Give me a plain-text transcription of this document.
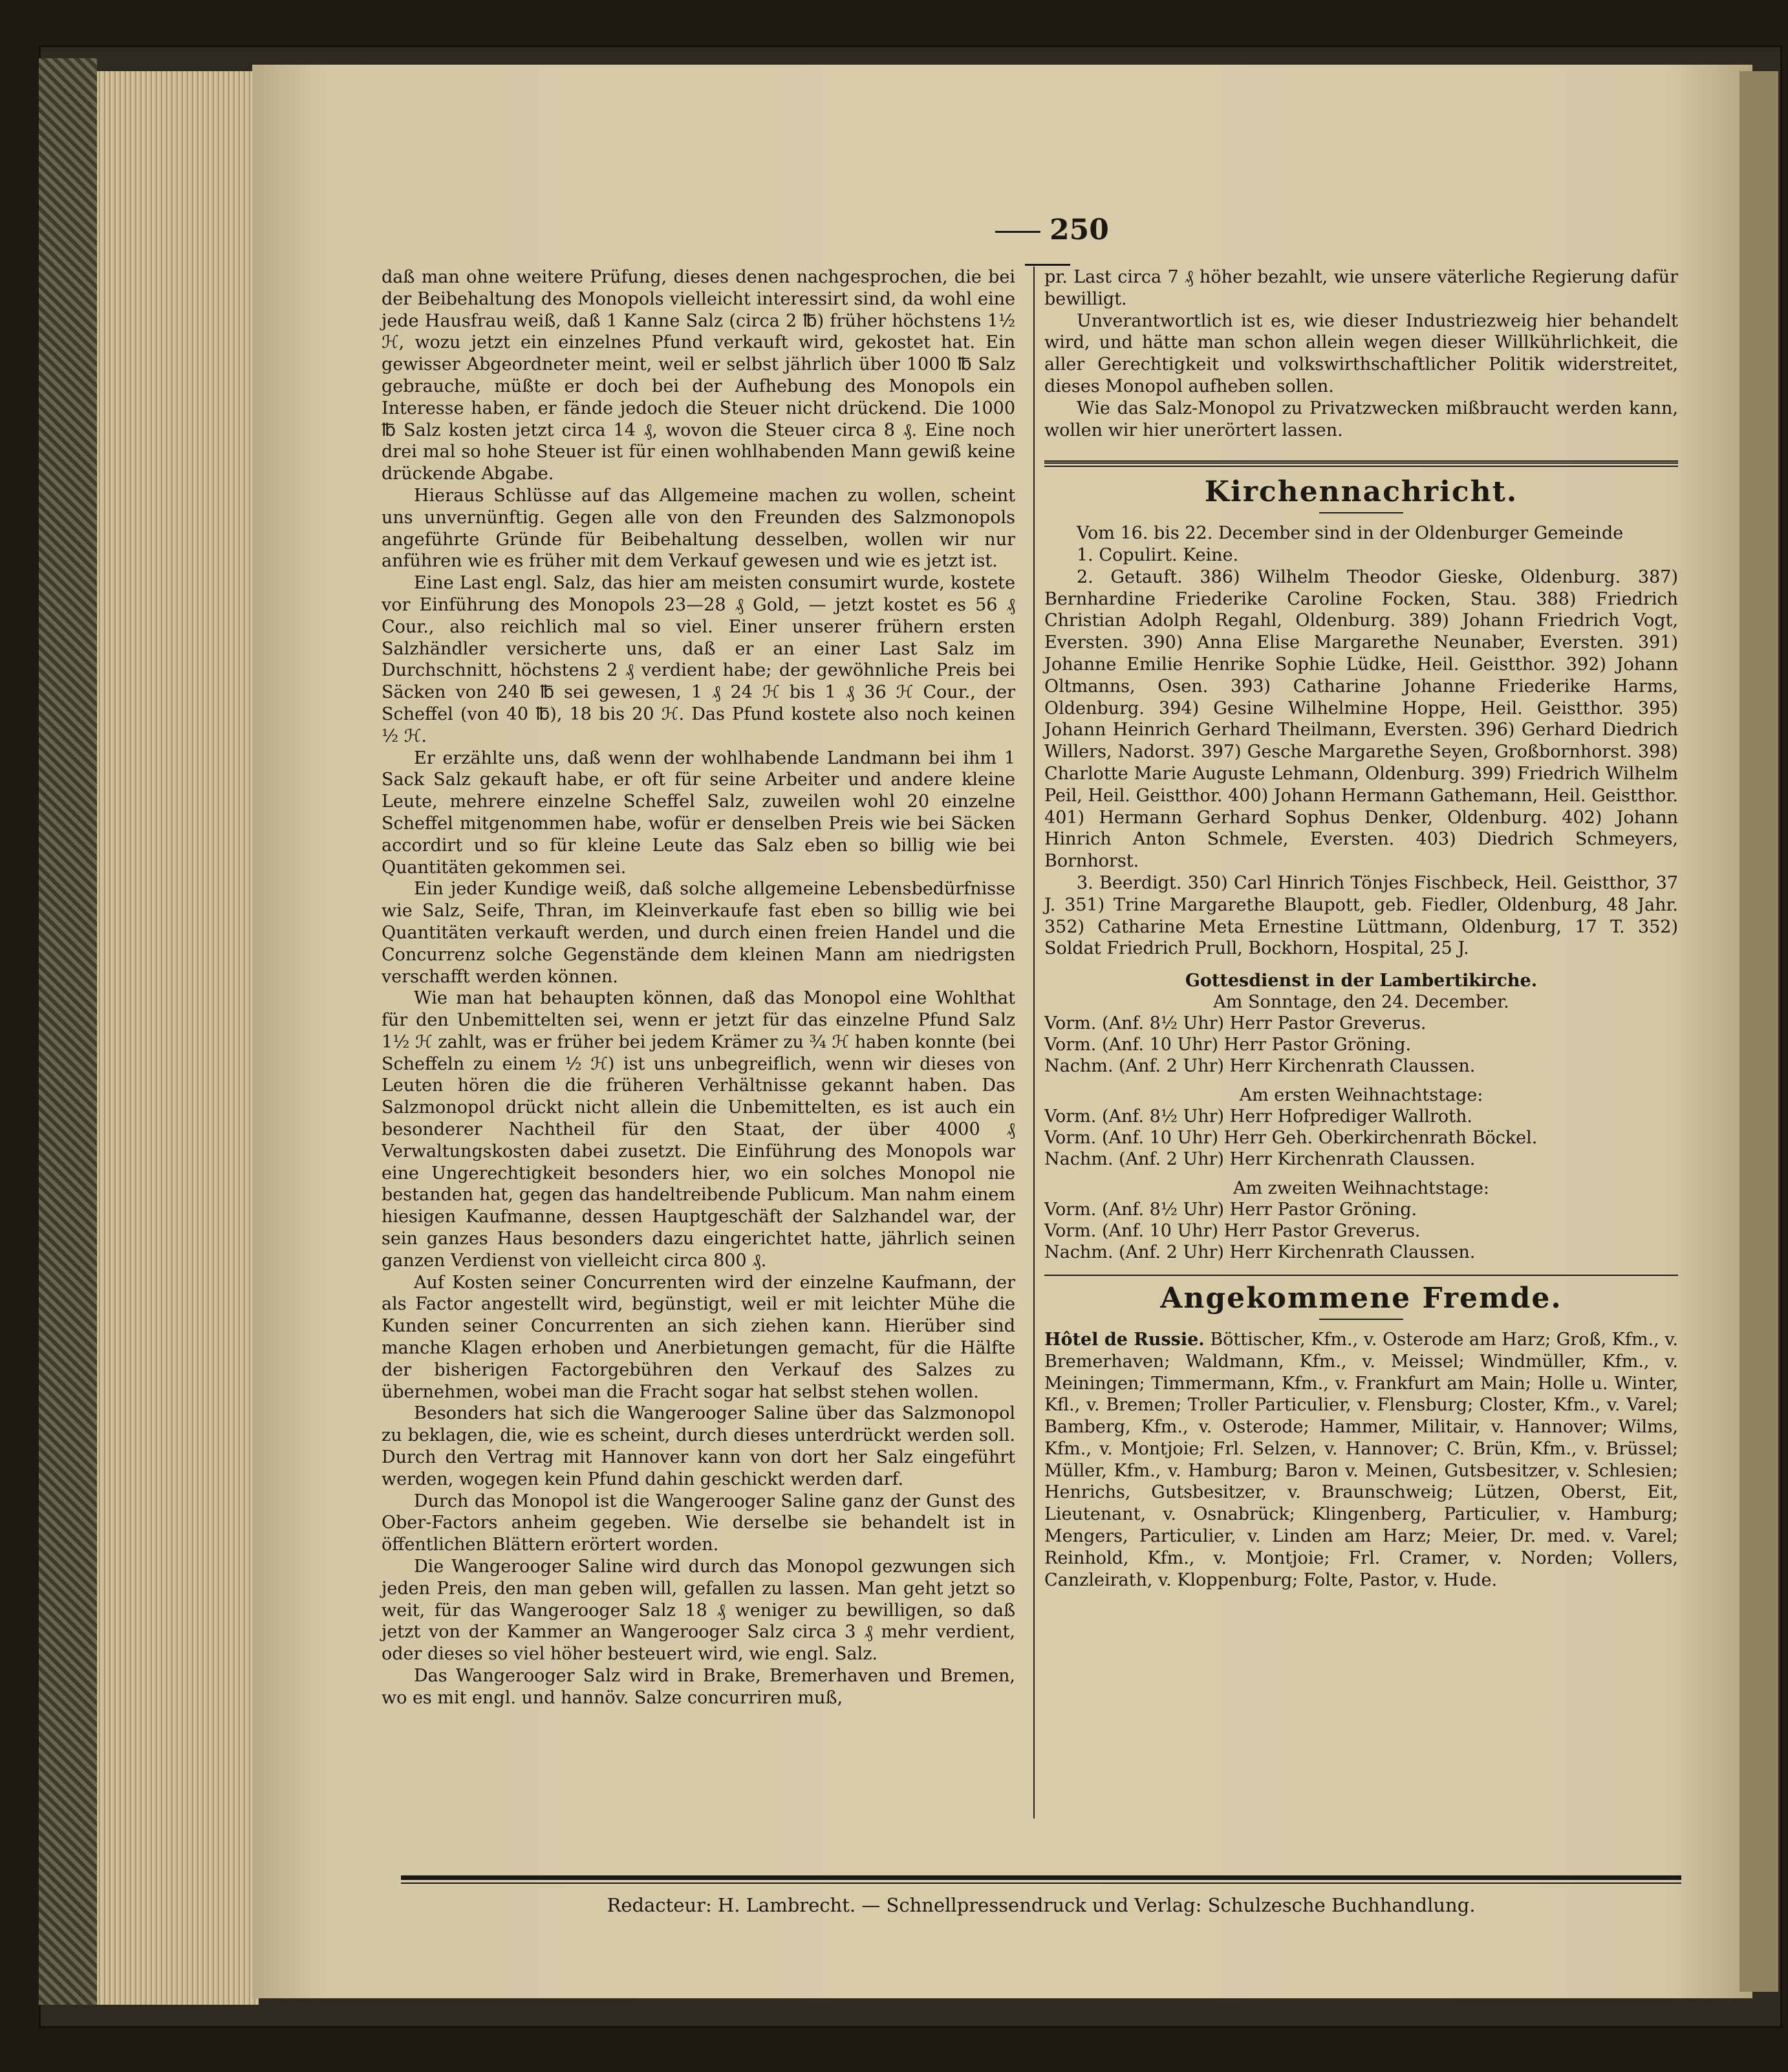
250

daß man ohne weitere Prüfung, dieses denen nachgesprochen, die bei der Beibehaltung des Monopols vielleicht interessirt sind, da wohl eine jede Hausfrau weiß, daß 1 Kanne Salz (circa 2 ℔) früher höchstens 1½ ℋ, wozu jetzt ein einzelnes Pfund verkauft wird, gekostet hat. Ein gewisser Abgeordneter meint, weil er selbst jährlich über 1000 ℔ Salz gebrauche, müßte er doch bei der Aufhebung des Monopols ein Interesse haben, er fände jedoch die Steuer nicht drückend. Die 1000 ℔ Salz kosten jetzt circa 14 ₰, wovon die Steuer circa 8 ₰. Eine noch drei mal so hohe Steuer ist für einen wohlhabenden Mann gewiß keine drückende Abgabe.

Hieraus Schlüsse auf das Allgemeine machen zu wollen, scheint uns unvernünftig. Gegen alle von den Freunden des Salzmonopols angeführte Gründe für Beibehaltung desselben, wollen wir nur anführen wie es früher mit dem Verkauf gewesen und wie es jetzt ist.

Eine Last engl. Salz, das hier am meisten consumirt wurde, kostete vor Einführung des Monopols 23—28 ₰ Gold, — jetzt kostet es 56 ₰ Cour., also reichlich mal so viel. Einer unserer frühern ersten Salzhändler versicherte uns, daß er an einer Last Salz im Durchschnitt, höchstens 2 ₰ verdient habe; der gewöhnliche Preis bei Säcken von 240 ℔ sei gewesen, 1 ₰ 24 ℋ bis 1 ₰ 36 ℋ Cour., der Scheffel (von 40 ℔), 18 bis 20 ℋ. Das Pfund kostete also noch keinen ½ ℋ.

Er erzählte uns, daß wenn der wohlhabende Landmann bei ihm 1 Sack Salz gekauft habe, er oft für seine Arbeiter und andere kleine Leute, mehrere einzelne Scheffel Salz, zuweilen wohl 20 einzelne Scheffel mitgenommen habe, wofür er denselben Preis wie bei Säcken accordirt und so für kleine Leute das Salz eben so billig wie bei Quantitäten gekommen sei.

Ein jeder Kundige weiß, daß solche allgemeine Lebensbedürfnisse wie Salz, Seife, Thran, im Kleinverkaufe fast eben so billig wie bei Quantitäten verkauft werden, und durch einen freien Handel und die Concurrenz solche Gegenstände dem kleinen Mann am niedrigsten verschafft werden können.

Wie man hat behaupten können, daß das Monopol eine Wohlthat für den Unbemittelten sei, wenn er jetzt für das einzelne Pfund Salz 1½ ℋ zahlt, was er früher bei jedem Krämer zu ¾ ℋ haben konnte (bei Scheffeln zu einem ½ ℋ) ist uns unbegreiflich, wenn wir dieses von Leuten hören die die früheren Verhältnisse gekannt haben. Das Salzmonopol drückt nicht allein die Unbemittelten, es ist auch ein besonderer Nachtheil für den Staat, der über 4000 ₰ Verwaltungskosten dabei zusetzt. Die Einführung des Monopols war eine Ungerechtigkeit besonders hier, wo ein solches Monopol nie bestanden hat, gegen das handeltreibende Publicum. Man nahm einem hiesigen Kaufmanne, dessen Hauptgeschäft der Salzhandel war, der sein ganzes Haus besonders dazu eingerichtet hatte, jährlich seinen ganzen Verdienst von vielleicht circa 800 ₰.

Auf Kosten seiner Concurrenten wird der einzelne Kaufmann, der als Factor angestellt wird, begünstigt, weil er mit leichter Mühe die Kunden seiner Concurrenten an sich ziehen kann. Hierüber sind manche Klagen erhoben und Anerbietungen gemacht, für die Hälfte der bisherigen Factorgebühren den Verkauf des Salzes zu übernehmen, wobei man die Fracht sogar hat selbst stehen wollen.

Besonders hat sich die Wangerooger Saline über das Salzmonopol zu beklagen, die, wie es scheint, durch dieses unterdrückt werden soll. Durch den Vertrag mit Hannover kann von dort her Salz eingeführt werden, wogegen kein Pfund dahin geschickt werden darf.

Durch das Monopol ist die Wangerooger Saline ganz der Gunst des Ober-Factors anheim gegeben. Wie derselbe sie behandelt ist in öffentlichen Blättern erörtert worden.

Die Wangerooger Saline wird durch das Monopol gezwungen sich jeden Preis, den man geben will, gefallen zu lassen. Man geht jetzt so weit, für das Wangerooger Salz 18 ₰ weniger zu bewilligen, so daß jetzt von der Kammer an Wangerooger Salz circa 3 ₰ mehr verdient, oder dieses so viel höher besteuert wird, wie engl. Salz.

Das Wangerooger Salz wird in Brake, Bremerhaven und Bremen, wo es mit engl. und hannöv. Salze concurriren muß,

pr. Last circa 7 ₰ höher bezahlt, wie unsere väterliche Regierung dafür bewilligt.

Unverantwortlich ist es, wie dieser Industriezweig hier behandelt wird, und hätte man schon allein wegen dieser Willkührlichkeit, die aller Gerechtigkeit und volkswirthschaftlicher Politik widerstreitet, dieses Monopol aufheben sollen.

Wie das Salz-Monopol zu Privatzwecken mißbraucht werden kann, wollen wir hier unerörtert lassen.

Kirchennachricht.

Vom 16. bis 22. December sind in der Oldenburger Gemeinde

1. Copulirt. Keine.

2. Getauft. 386) Wilhelm Theodor Gieske, Oldenburg. 387) Bernhardine Friederike Caroline Focken, Stau. 388) Friedrich Christian Adolph Regahl, Oldenburg. 389) Johann Friedrich Vogt, Eversten. 390) Anna Elise Margarethe Neunaber, Eversten. 391) Johanne Emilie Henrike Sophie Lüdke, Heil. Geistthor. 392) Johann Oltmanns, Osen. 393) Catharine Johanne Friederike Harms, Oldenburg. 394) Gesine Wilhelmine Hoppe, Heil. Geistthor. 395) Johann Heinrich Gerhard Theilmann, Eversten. 396) Gerhard Diedrich Willers, Nadorst. 397) Gesche Margarethe Seyen, Großbornhorst. 398) Charlotte Marie Auguste Lehmann, Oldenburg. 399) Friedrich Wilhelm Peil, Heil. Geistthor. 400) Johann Hermann Gathemann, Heil. Geistthor. 401) Hermann Gerhard Sophus Denker, Oldenburg. 402) Johann Hinrich Anton Schmele, Eversten. 403) Diedrich Schmeyers, Bornhorst.

3. Beerdigt. 350) Carl Hinrich Tönjes Fischbeck, Heil. Geistthor, 37 J. 351) Trine Margarethe Blaupott, geb. Fiedler, Oldenburg, 48 Jahr. 352) Catharine Meta Ernestine Lüttmann, Oldenburg, 17 T. 352) Soldat Friedrich Prull, Bockhorn, Hospital, 25 J.

Gottesdienst in der Lambertikirche.
Am Sonntage, den 24. December.
Vorm. (Anf. 8½ Uhr) Herr Pastor Greverus.
Vorm. (Anf. 10 Uhr) Herr Pastor Gröning.
Nachm. (Anf. 2 Uhr) Herr Kirchenrath Claussen.
Am ersten Weihnachtstage:
Vorm. (Anf. 8½ Uhr) Herr Hofprediger Wallroth.
Vorm. (Anf. 10 Uhr) Herr Geh. Oberkirchenrath Böckel.
Nachm. (Anf. 2 Uhr) Herr Kirchenrath Claussen.
Am zweiten Weihnachtstage:
Vorm. (Anf. 8½ Uhr) Herr Pastor Gröning.
Vorm. (Anf. 10 Uhr) Herr Pastor Greverus.
Nachm. (Anf. 2 Uhr) Herr Kirchenrath Claussen.
Angekommene Fremde.

Hôtel de Russie. Böttischer, Kfm., v. Osterode am Harz; Groß, Kfm., v. Bremerhaven; Waldmann, Kfm., v. Meissel; Windmüller, Kfm., v. Meiningen; Timmermann, Kfm., v. Frankfurt am Main; Holle u. Winter, Kfl., v. Bremen; Troller Particulier, v. Flensburg; Closter, Kfm., v. Varel; Bamberg, Kfm., v. Osterode; Hammer, Militair, v. Hannover; Wilms, Kfm., v. Montjoie; Frl. Selzen, v. Hannover; C. Brün, Kfm., v. Brüssel; Müller, Kfm., v. Hamburg; Baron v. Meinen, Gutsbesitzer, v. Schlesien; Henrichs, Gutsbesitzer, v. Braunschweig; Lützen, Oberst, Eit, Lieutenant, v. Osnabrück; Klingenberg, Particulier, v. Hamburg; Mengers, Particulier, v. Linden am Harz; Meier, Dr. med. v. Varel; Reinhold, Kfm., v. Montjoie; Frl. Cramer, v. Norden; Vollers, Canzleirath, v. Kloppenburg; Folte, Pastor, v. Hude.

Redacteur: H. Lambrecht. — Schnellpressendruck und Verlag: Schulzesche Buchhandlung.
